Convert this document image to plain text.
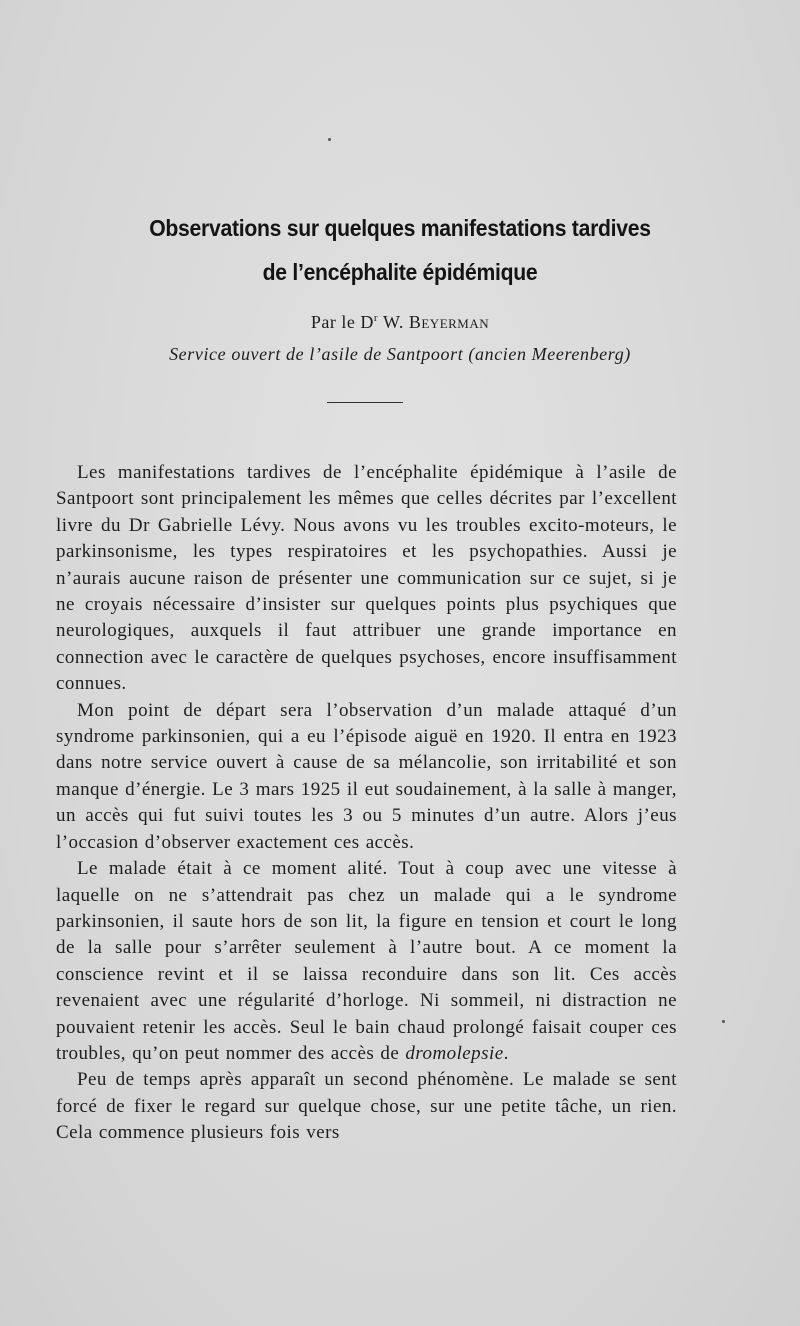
Observations sur quelques manifestations tardives
de l’encéphalite épidémique
Par le $D^r$ W. Beyerman
Service ouvert de l’asile de Santpoort (ancien Meerenberg)

Les manifestations tardives de l’encéphalite épidémique à l’asile de Santpoort sont principalement les mêmes que celles décrites par l’excellent livre du Dr Gabrielle Lévy. Nous avons vu les troubles excito-moteurs, le parkinsonisme, les types respiratoires et les psychopathies. Aussi je n’aurais aucune raison de présenter une communication sur ce sujet, si je ne croyais nécessaire d’insister sur quelques points plus psychiques que neurologiques, auxquels il faut attribuer une grande importance en connection avec le caractère de quelques psychoses, encore insuffisamment connues.

Mon point de départ sera l’observation d’un malade attaqué d’un syndrome parkinsonien, qui a eu l’épisode aiguë en 1920. Il entra en 1923 dans notre service ouvert à cause de sa mélancolie, son irritabilité et son manque d’énergie. Le 3 mars 1925 il eut soudainement, à la salle à manger, un accès qui fut suivi toutes les 3 ou 5 minutes d’un autre. Alors j’eus l’occasion d’observer exactement ces accès.

Le malade était à ce moment alité. Tout à coup avec une vitesse à laquelle on ne s’attendrait pas chez un malade qui a le syndrome parkinsonien, il saute hors de son lit, la figure en tension et court le long de la salle pour s’arrêter seulement à l’autre bout. A ce moment la conscience revint et il se laissa reconduire dans son lit. Ces accès revenaient avec une régularité d’horloge. Ni sommeil, ni distraction ne pouvaient retenir les accès. Seul le bain chaud prolongé faisait couper ces troubles, qu’on peut nommer des accès de dromolepsie.

Peu de temps après apparaît un second phénomène. Le malade se sent forcé de fixer le regard sur quelque chose, sur une petite tâche, un rien. Cela commence plusieurs fois vers
